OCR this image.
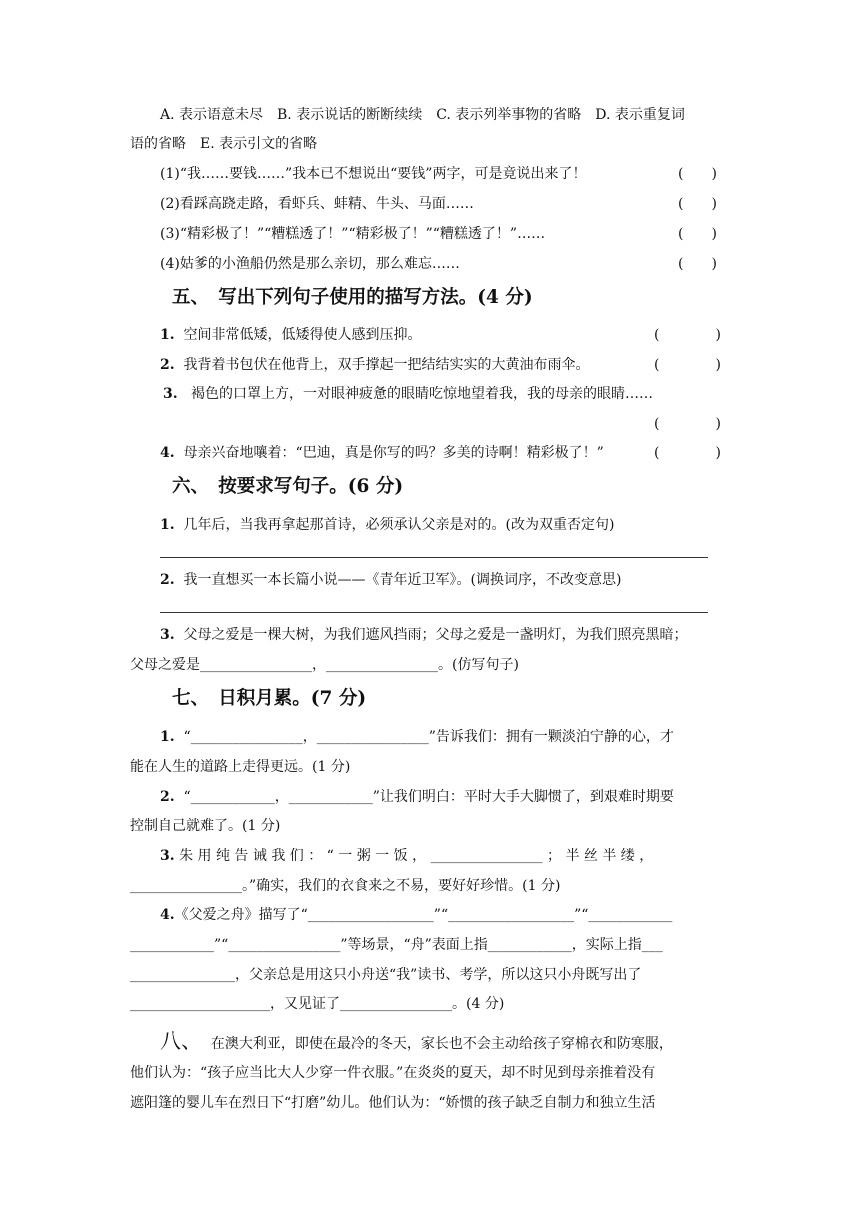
A. 表示语意未尽　B. 表示说话的断断续续　C. 表示列举事物的省略　D. 表示重复词
语的省略　E. 表示引文的省略
(1)“我……要钱……”我本已不想说出“要钱”两字，可是竟说出来了！	(　　)
(2)看踩高跷走路，看虾兵、蚌精、牛头、马面……	(　　)
(3)“精彩极了！”“糟糕透了！”“精彩极了！”“糟糕透了！”……	(　　)
(4)姑爹的小渔船仍然是那么亲切，那么难忘……	(　　)
五、　写出下列句子使用的描写方法。(4 分)
1. 空间非常低矮，低矮得使人感到压抑。	(　　　　)
2. 我背着书包伏在他背上，双手撑起一把结结实实的大黄油布雨伞。	(　　　　)
3. 褐色的口罩上方，一对眼神疲惫的眼睛吃惊地望着我，我的母亲的眼睛……
(　　　　)
4. 母亲兴奋地嚷着：“巴迪，真是你写的吗？多美的诗啊！精彩极了！”	(　　　　)
六、　按要求写句子。(6 分)
1. 几年后，当我再拿起那首诗，必须承认父亲是对的。(改为双重否定句)
2. 我一直想买一本长篇小说——《青年近卫军》。(调换词序，不改变意思)
3. 父母之爱是一棵大树，为我们遮风挡雨；父母之爱是一盏明灯，为我们照亮黑暗；
父母之爱是________________，________________。(仿写句子)
七、　日积月累。(7 分)
1. “________________，________________”告诉我们：拥有一颗淡泊宁静的心，才
能在人生的道路上走得更远。(1 分)
2. “____________，____________”让我们明白：平时大手大脚惯了，到艰难时期要
控制自己就难了。(1 分)
3. 朱 用 纯 告 诫 我 们 ： “ 一 粥 一 饭 ， ________________ ； 半 丝 半 缕 ，
________________。”确实，我们的衣食来之不易，要好好珍惜。(1 分)
4.《父爱之舟》描写了“__________________”“__________________”“____________
____________”“________________”等场景，“舟”表面上指____________，实际上指___
_______________，父亲总是用这只小舟送“我”读书、考学，所以这只小舟既写出了
____________________，又见证了________________。(4 分)
八、 在澳大利亚，即使在最冷的冬天，家长也不会主动给孩子穿棉衣和防寒服，
他们认为：“孩子应当比大人少穿一件衣服。”在炎炎的夏天，却不时见到母亲推着没有
遮阳篷的婴儿车在烈日下“打磨”幼儿。他们认为：“娇惯的孩子缺乏自制力和独立生活
